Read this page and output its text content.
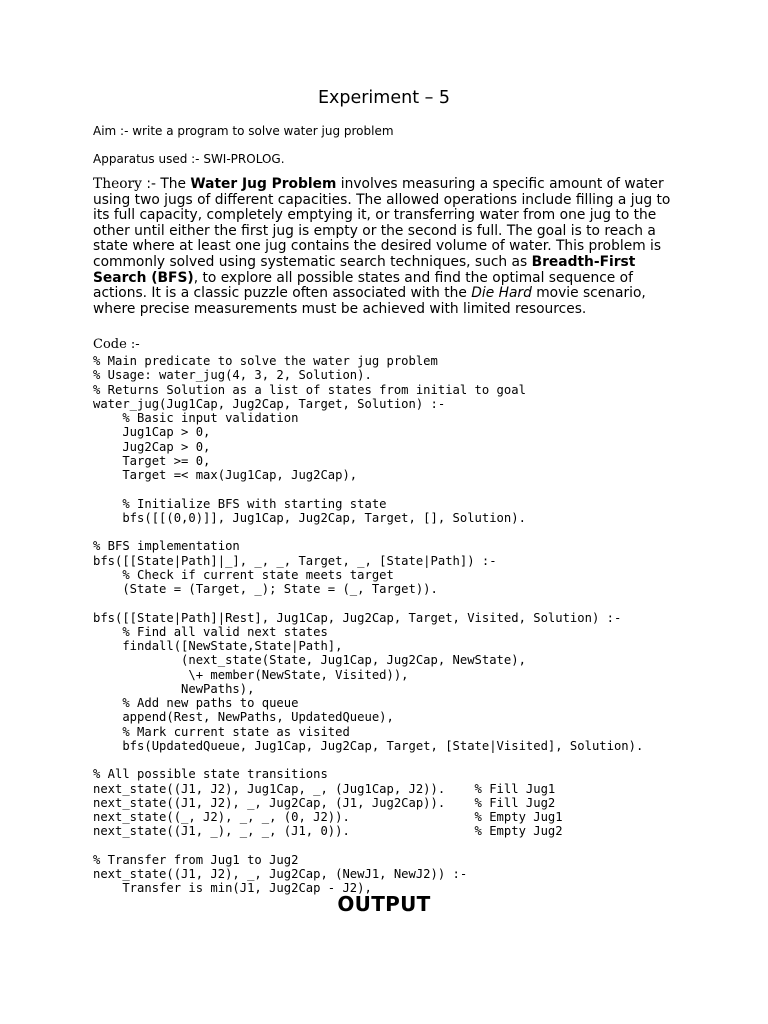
Experiment – 5
Aim :- write a program to solve water jug problem
Apparatus used :- SWI-PROLOG.
Theory :- The Water Jug Problem involves measuring a specific amount of water using two jugs of different capacities. The allowed operations include filling a jug to its full capacity, completely emptying it, or transferring water from one jug to the other until either the first jug is empty or the second is full. The goal is to reach a state where at least one jug contains the desired volume of water. This problem is commonly solved using systematic search techniques, such as Breadth-First Search (BFS), to explore all possible states and find the optimal sequence of actions. It is a classic puzzle often associated with the Die Hard movie scenario, where precise measurements must be achieved with limited resources.
Code :-
% Main predicate to solve the water jug problem
% Usage: water_jug(4, 3, 2, Solution).
% Returns Solution as a list of states from initial to goal
water_jug(Jug1Cap, Jug2Cap, Target, Solution) :-
% Basic input validation
Jug1Cap > 0,
Jug2Cap > 0,
Target >= 0,
Target =< max(Jug1Cap, Jug2Cap),

% Initialize BFS with starting state
bfs([[(0,0)]], Jug1Cap, Jug2Cap, Target, [], Solution).

% BFS implementation
bfs([[State|Path]|_], _, _, Target, _, [State|Path]) :-
% Check if current state meets target
(State = (Target, _); State = (_, Target)).

bfs([[State|Path]|Rest], Jug1Cap, Jug2Cap, Target, Visited, Solution) :-
% Find all valid next states
findall([NewState,State|Path],
(next_state(State, Jug1Cap, Jug2Cap, NewState),
\+ member(NewState, Visited)),
NewPaths),
% Add new paths to queue
append(Rest, NewPaths, UpdatedQueue),
% Mark current state as visited
bfs(UpdatedQueue, Jug1Cap, Jug2Cap, Target, [State|Visited], Solution).

% All possible state transitions
next_state((J1, J2), Jug1Cap, _, (Jug1Cap, J2)).    % Fill Jug1
next_state((J1, J2), _, Jug2Cap, (J1, Jug2Cap)).    % Fill Jug2
next_state((_, J2), _, _, (0, J2)).                 % Empty Jug1
next_state((J1, _), _, _, (J1, 0)).                 % Empty Jug2

% Transfer from Jug1 to Jug2
next_state((J1, J2), _, Jug2Cap, (NewJ1, NewJ2)) :-
Transfer is min(J1, Jug2Cap - J2),
OUTPUT
